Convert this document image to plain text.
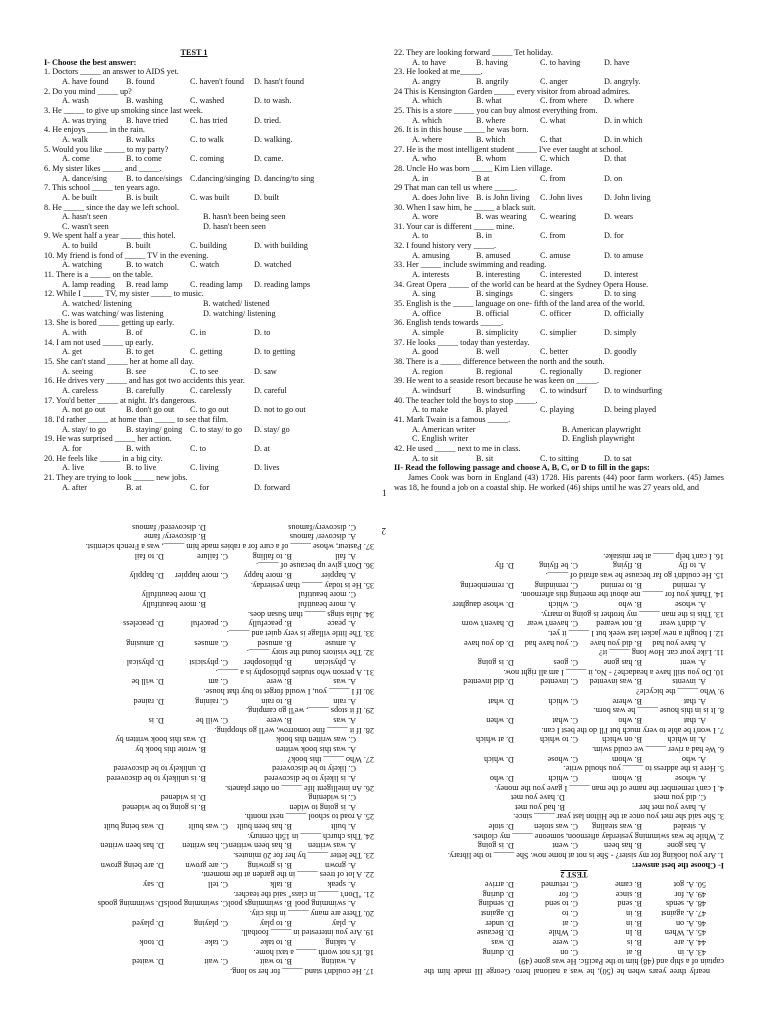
TEST 1
I- Choose the best answer:
1. Doctors _____ an answer to AIDS yet.
A. have found	B. found	C. haven't found	D. hasn't found
2. Do you mind _____ up?
A. wash	B. washing	C. washed	D. to wash.
3. He _____ to give up smoking since last week.
A. was trying	B. have tried	C. has tried	D. tried.
4. He enjoys _____ in the rain.
A. walk	B. walks	C. to walk	D. walking.
5. Would you like _____ to my party?
A. come	B. to come	C. coming	D. came.
6. My sister likes _____ and _____.
A. dance/sing	B. to dance/sings C.dancing/singing D. dancing/to sing
7. This school _____ ten years ago.
A. be built	B. is built	C. was built	D. built
8. He _____ since the day we left school.
A. hasn't seen	B. hasn't been being seen
C. wasn't seen	D. hasn't been seen
9. We spent half a year _____ this hotel.
A. to build	B. built	C. building	D. with building
10. My friend is fond of _____ TV in the evening.
A. watching	B. to watch	C. watch	D. watched
11. There is a _____ on the table.
A. lamp reading	B. read lamp	C. reading lamp	D. reading lamps
12. While I _____ TV, my sister _____ to music.
A. watched/ listening	B. watched/ listened
C. was watching/ was listening	D. watching/ listening
13. She is bored _____ getting up early.
A. with	B. of	C. in	D. to
14. I am not used _____ up early.
A. get	B. to get	C. getting	D. to getting
15. She can't stand _____ her at home all day.
A. seeing	B. see	C. to see	D. saw
16. He drives very _____ and has got two accidents this year.
A. careless	B. carefully	C. carelessly	D. careful
17. You'd better _____ at night. It's dangerous.
A. not go out	B. don't go out	C. to go out	D. not to go out
18. I'd rather _____ at home than _____ to see that film.
A. stay/ to go	B. staying/ going C. to stay/ to go	D. stay/ go
19. He was surprised _____ her action.
A. for	B. with	C. to	D. at
20. He feels like _____ in a big city.
A. live	B. to live	C. living	D. lives
21. They are trying to look _____ new jobs.
A. after	B. at	C. for	D. forward
22. They are looking forward _____ Tet holiday.
A. to have	B. having	C. to having	D. have
23. He looked at me_____.
A. angry	B. angrily	C. anger	D. angryly.
24 This is Kensington Garden _____ every visitor from abroad admires.
A. which	B. what	C. from where	D. where
25. This is a store _____ you can buy almost everything from.
A. which	B. where	C. what	D. in which
26. It is in this house _____ he was born.
A. where	B. which	C. that	D. in which
27. He is the most intelligent student _____ I've ever taught at school.
A. who	B. whom	C. which	D. that
28. Uncle Ho was born _____ Kim Lien village.
A. in	B at	C. from	D. on
29 That man can tell us where _____.
A. does John live B. is John living	C. John lives	D. John living
30. When I saw him, he _____ a black suit.
A. wore	B. was wearing	C. wearing	D. wears
31. Your car is different _____ mine.
A. to	B. in	C. from	D. for
32. I found history very _____.
A. amusing	B. amused	C. amuse	D. to amuse
33. Her _____ include swimming and reading.
A. interests	B. interesting	C. interested	D. interest
34. Great Opera _____ of the world can be heard at the Sydney Opera House.
A. sing	B. singings	C. singers	D. to sing
35. English is the _____ language on one- fifth of the land area of the world.
A. office	B. official	C. officer	D. officially
36. English tends towards _____.
A. simple	B. simplicity	C. simplier	D. simply
37. He looks _____ today than yesterday.
A. good	B. well	C. better	D. goodly
38. There is a _____ difference between the north and the south.
A. region	B. regional	C. regionally	D. regioner
39. He went to a seaside resort because he was keen on _____.
A. windsurf	B. windsurfing	C. to windsurf	D. to windsurfing
40. The teacher told the boys to stop _____.
A. to make	B. played	C. playing	D. being played
41. Mark Twain is a famous _____.
A. American writer	B. American playwright
C. English writer	D. English playwright
42. He used _____ next to me in class.
A. to sit	B. sit	C. to sitting	D. to sat
II- Read the following passage and choose A, B, C, or D to fill in the gaps:
James Cook was born in England (43) 1728. His parents (44) poor farm workers. (45) James was 18, he found a job on a coastal ship. He worked (46) ships until he was 27 years old, and
1
nearly three years when he (50), he was a national hero. George III made him the captain of a ship and (48) him to the Pacific. He was gone (49)
43. A. in
B. at
C. on
D. during
44. A. are
B. is
C. were
D. was
45. A. When
B. In
C. While
D. Because
46. A. on
B. in
C. at
D. under
47. A. against
B. in
C. to
D. against
48. A. sends
B. send
C. to send
D. sending
49. A. for
B. since
C. for
D. during
50. A. got
B. came
C. returned
D. arrive
TEST 2
I- Choose the best answer:
1. Are you looking for my sister? - She is not at home now. She _____ to the library.
A. has gone
B. has been
C. went
D. is going
2. While he was swimming yesterday afternoon, someone _____ my clothes.
A. stealed
B. was stealing
C. was stolen
D. stole
3. She said she met you once at the Hilton last year _____ since.
A. have you met her
B. had you met
C. did you meet
D. have you met
4. I can't remember the name of the man _____ I gave you the money.
A. whose
B. whom
C. which
D. who
5. Here is the address to _____ you should write.
A. who
B. whom
C. whose
D. which
6. We had a river _____ we could swim.
A. in which
B. on which
C. to which
D. at which
7. I won't be able to very much but I'll do the best I can.
A. that
B. who
C. what
D. when
8. It is in this house _____ he was born.
A. that
B. where
C. which
D. what
9. Who _____ the bicycle?
A. invents
B. was invented
C. invented
D. did invented
10. Do you still have a headache? - No, it _____ I am all right now.
A. went
B. has gone
C. goes
D. is going
11. Like your car. How long _____ it?
A. have you had
B. did you have
C. you have had
D. do you have
12. I bought a new jacket last week but I _____ it yet.
A. didn't wear
B. not weared
C. haven't wear
D. haven't worn
13. This is the man _____ my brother is going to marry.
A. whose
B. who
C. which
D. whose daughter
14. Thank you for _____ me about the meeting this afternoon.
A. remind
B. to remind
C. reminding
D. remembering
15. He couldn't go far because he was afraid of _____.
A. to fly
B. flying
C. be flying
D. fly
16. I can't help _____ at her mistake.
17. He couldn't stand _____ for her so long.
A. waiting
B. to wait
C. wait
D. waited
18. It's not worth _____ a taxi home.
A. taking
B. to take
C. take
D. took
19. Are you interested in _____ football.
A. play
B. to play
C. playing
D. played
20. There are many _____ in this city.
A. swimming pool
B. swimmings pool
C. swimming pools
D. swimming goods
21. "Don't _____ in class" said the teacher.
A. speak
B. talk
C. tell
D. say
22. A lot of trees _____ in the garden at the moment.
A. grown
B. is growing
C. are grown
D. are being grown
23. The letter _____ by her for 20 minutes.
A. was written
B. has been written
C. has written
D. has been written
24. This church _____ in 15th century.
A. built
B. has been built
C. was built
D. was being built
25. A road to school _____ next month.
A. is going to widen
B. is going to be widened
C. is widening
D. is widened
26. An intelligent life _____ on other planets.
A. is likely to be discovered
B. is unlikely to be discovered
C. likely to be discovered
D. unlikely to be discovered
27. Who _____ this book?
A. was this book written
B. wrote this book by
C. was written this book
D. was this book written by
28. If it _____ fine tomorrow, we'll go shopping.
A. was
B. were
C. will be
D. is
29. If it stops _____, we'll go camping.
A. rain
B. to rain
C. raining
D. rained
30. If I _____ you, I would forget to buy that house.
A. was
B. were
C. am
D. will be
31. A person who studies philosophy is a _____.
A. physician
B. philosopher
C. physicist
D. physical
32. The visitors found the story _____.
A. amuse
B. amused
C. amuses
D. amusing
33. The little village is very quiet and _____.
A. peace
B. peacefully
C. peaceful
D. peaceless
34. Julia sings _____ than Susan does.
A. more beautiful
B. more beautifully
C. more beautiful
D. more beautifully
35. He is today _____ than yesterday.
A. happier
B. more happy
C. more happier
D. happily
36. Don't give up because of _____.
A. fail
B. to failing
C. failure
D. to fail
37. Pasteur, whose _____ of a cure for a rabies made him _____, was a French scientist.
A. discover/ famous
B. discovery/ fame
C. discovery/famous
D. discovered/ famous	2
